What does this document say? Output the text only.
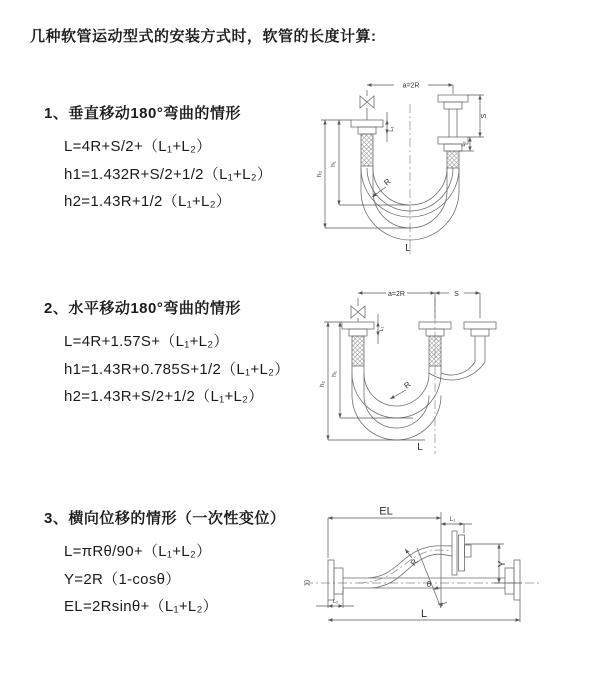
几种软管运动型式的安装方式时，软管的长度计算:
1、垂直移动180°弯曲的情形
L=4R+S/2+（L₁+L₂）
h1=1.432R+S/2+1/2（L₁+L₂）
h2=1.43R+1/2（L₁+L₂）
2、水平移动180°弯曲的情形
L=4R+1.57S+（L₁+L₂）
h1=1.43R+0.785S+1/2（L₁+L₂）
h2=1.43R+S/2+1/2（L₁+L₂）
3、横向位移的情形（一次性变位）
L=πRθ/90+（L₁+L₂）
Y=2R（1-cosθ）
EL=2Rsinθ+（L₁+L₂）
a=2R
L₁
S
L₂
h₂
h₁
R
L
a=2R	S
L₁
h₂
h₁
R
L
EL
L₁
Y
R
θ
L₂
L
